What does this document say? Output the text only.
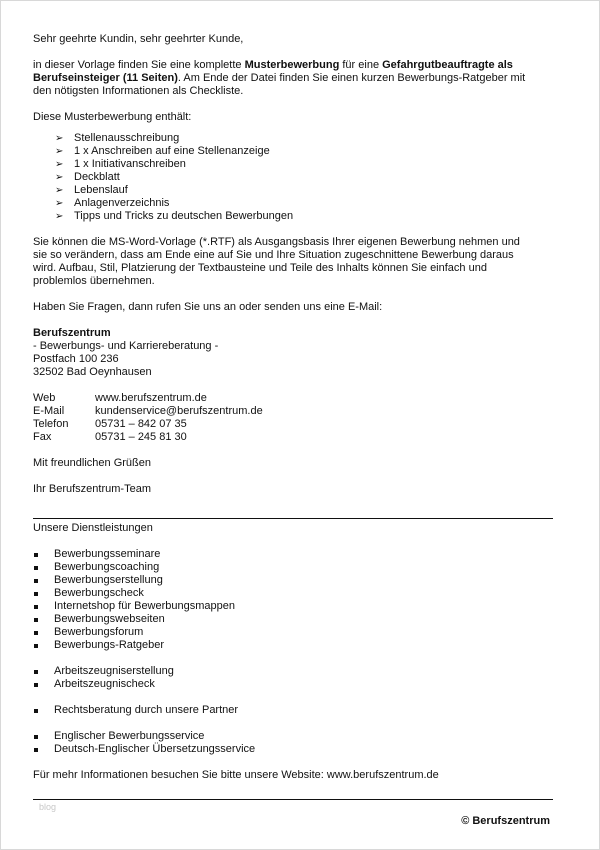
Sehr geehrte Kundin, sehr geehrter Kunde,

in dieser Vorlage finden Sie eine komplette Musterbewerbung für eine Gefahrgutbeauftragte als
Berufseinsteiger (11 Seiten). Am Ende der Datei finden Sie einen kurzen Bewerbungs-Ratgeber mit
den nötigsten Informationen als Checkliste.

Diese Musterbewerbung enthält:

➢ Stellenausschreibung
➢ 1 x Anschreiben auf eine Stellenanzeige
➢ 1 x Initiativanschreiben
➢ Deckblatt
➢ Lebenslauf
➢ Anlagenverzeichnis
➢ Tipps und Tricks zu deutschen Bewerbungen

Sie können die MS-Word-Vorlage (*.RTF) als Ausgangsbasis Ihrer eigenen Bewerbung nehmen und
sie so verändern, dass am Ende eine auf Sie und Ihre Situation zugeschnittene Bewerbung daraus
wird. Aufbau, Stil, Platzierung der Textbausteine und Teile des Inhalts können Sie einfach und
problemlos übernehmen.

Haben Sie Fragen, dann rufen Sie uns an oder senden uns eine E-Mail:

Berufszentrum

- Bewerbungs- und Karriereberatung -

Postfach 100 236

32502 Bad Oeynhausen

Web	www.berufszentrum.de
E-Mail	kundenservice@berufszentrum.de
Telefon	05731 – 842 07 35
Fax	05731 – 245 81 30

Mit freundlichen Grüßen

Ihr Berufszentrum-Team

Unsere Dienstleistungen

Bewerbungsseminare
Bewerbungscoaching
Bewerbungserstellung
Bewerbungscheck
Internetshop für Bewerbungsmappen
Bewerbungswebseiten
Bewerbungsforum
Bewerbungs-Ratgeber
Arbeitszeugniserstellung
Arbeitszeugnischeck
Rechtsberatung durch unsere Partner
Englischer Bewerbungsservice
Deutsch-Englischer Übersetzungsservice

Für mehr Informationen besuchen Sie bitte unsere Website: www.berufszentrum.de

blog
© Berufszentrum
